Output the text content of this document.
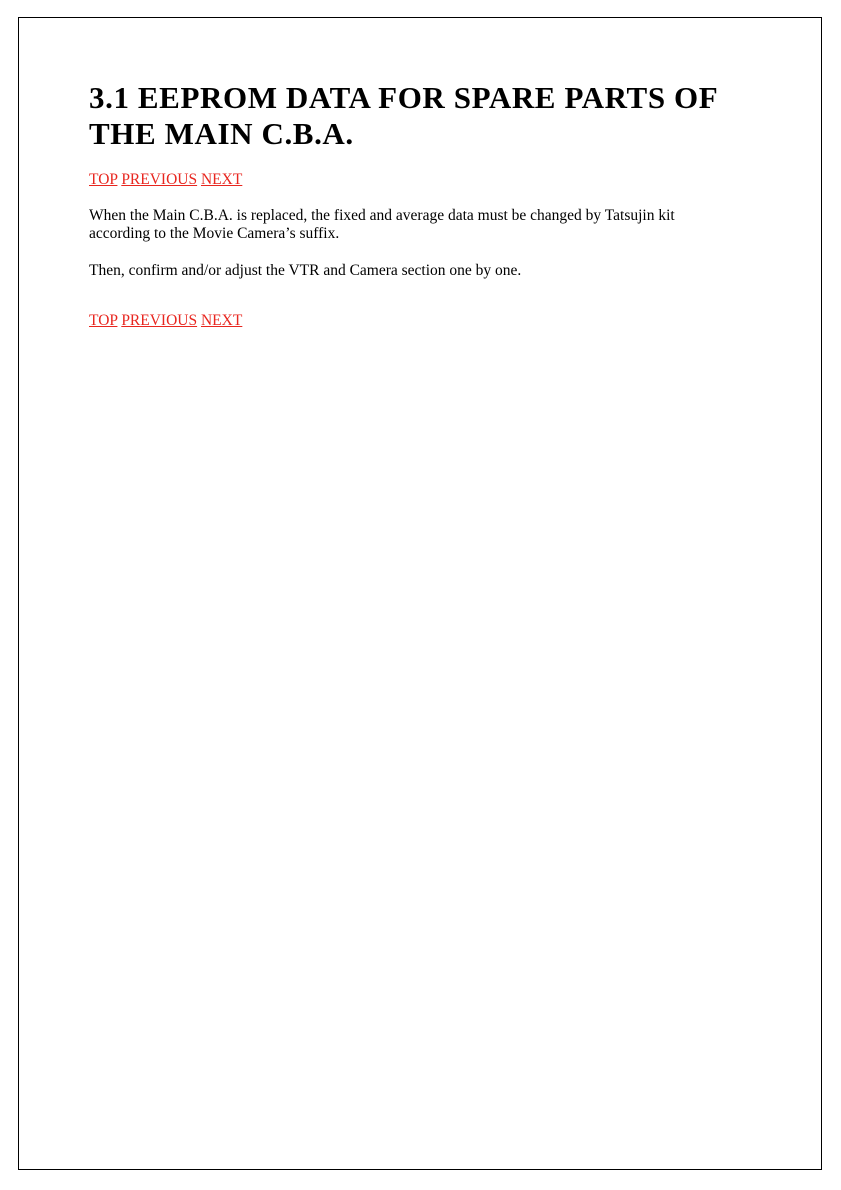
3.1 EEPROM DATA FOR SPARE PARTS OF
THE MAIN C.B.A.
TOP PREVIOUS NEXT

When the Main C.B.A. is replaced, the fixed and average data must be changed by Tatsujin kit
according to the Movie Camera’s suffix.

Then, confirm and/or adjust the VTR and Camera section one by one.

TOP PREVIOUS NEXT
